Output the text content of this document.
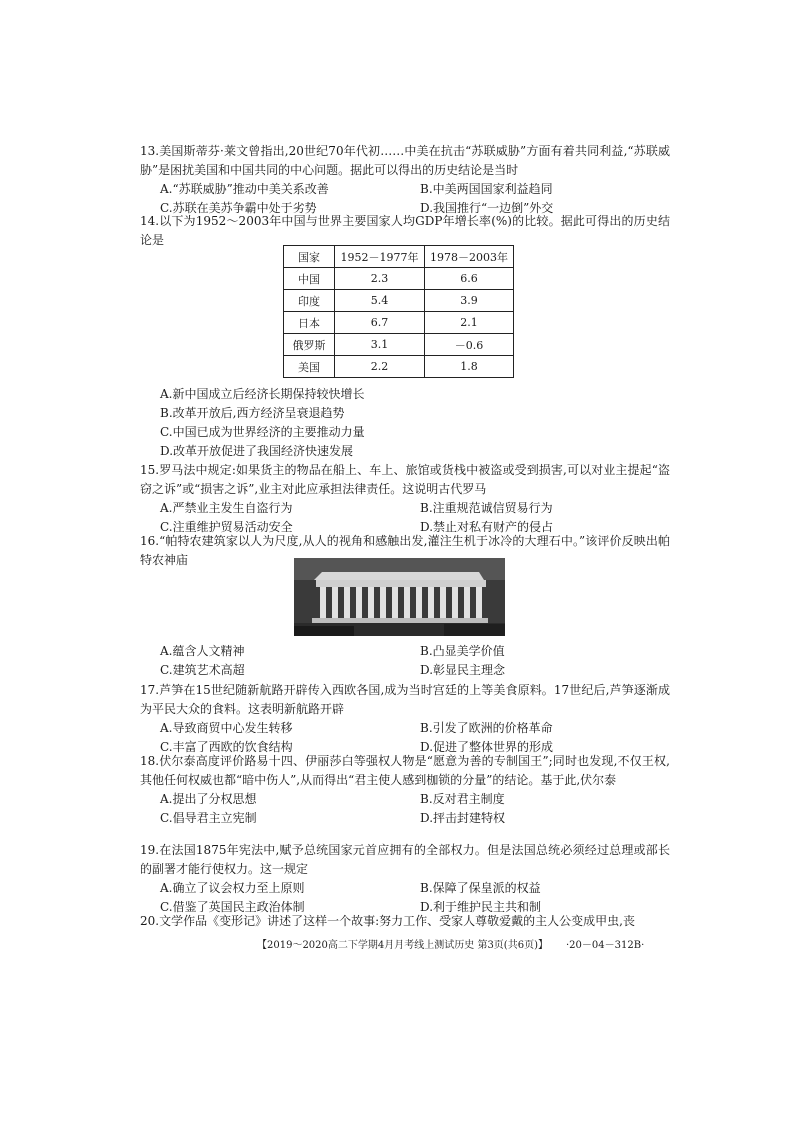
13.美国斯蒂芬·莱文曾指出,20世纪70年代初……中美在抗击“苏联威胁”方面有着共同利益,“苏联威胁”是困扰美国和中国共同的中心问题。据此可以得出的历史结论是当时
A.“苏联威胁”推动中美关系改善	B.中美两国国家利益趋同
C.苏联在美苏争霸中处于劣势	D.我国推行“一边倒”外交
14.以下为1952～2003年中国与世界主要国家人均GDP年增长率(%)的比较。据此可得出的历史结论是
国家	1952－1977年	1978－2003年
中国	2.3	6.6
印度	5.4	3.9
日本	6.7	2.1
俄罗斯	3.1	－0.6
美国	2.2	1.8
A.新中国成立后经济长期保持较快增长
B.改革开放后,西方经济呈衰退趋势
C.中国已成为世界经济的主要推动力量
D.改革开放促进了我国经济快速发展
15.罗马法中规定:如果货主的物品在船上、车上、旅馆或货栈中被盗或受到损害,可以对业主提起“盗窃之诉”或“损害之诉”,业主对此应承担法律责任。这说明古代罗马
A.严禁业主发生自盗行为	B.注重规范诚信贸易行为
C.注重维护贸易活动安全	D.禁止对私有财产的侵占
16.“帕特农建筑家以人为尺度,从人的视角和感触出发,灌注生机于冰冷的大理石中。”该评价反映出帕特农神庙
A.蕴含人文精神	B.凸显美学价值
C.建筑艺术高超	D.彰显民主理念
17.芦笋在15世纪随新航路开辟传入西欧各国,成为当时宫廷的上等美食原料。17世纪后,芦笋逐渐成为平民大众的食料。这表明新航路开辟
A.导致商贸中心发生转移	B.引发了欧洲的价格革命
C.丰富了西欧的饮食结构	D.促进了整体世界的形成
18.伏尔泰高度评价路易十四、伊丽莎白等强权人物是“愿意为善的专制国王”;同时也发现,不仅王权,其他任何权威也都“暗中伤人”,从而得出“君主使人感到枷锁的分量”的结论。基于此,伏尔泰
A.提出了分权思想	B.反对君主制度
C.倡导君主立宪制	D.抨击封建特权
19.在法国1875年宪法中,赋予总统国家元首应拥有的全部权力。但是法国总统必须经过总理或部长的副署才能行使权力。这一规定
A.确立了议会权力至上原则	B.保障了保皇派的权益
C.借鉴了英国民主政治体制	D.利于维护民主共和制
20.文学作品《变形记》讲述了这样一个故事:努力工作、受家人尊敬爱戴的主人公变成甲虫,丧
【2019～2020高二下学期4月月考线上测试历史 第3页(共6页)】 ·20－04－312B·
